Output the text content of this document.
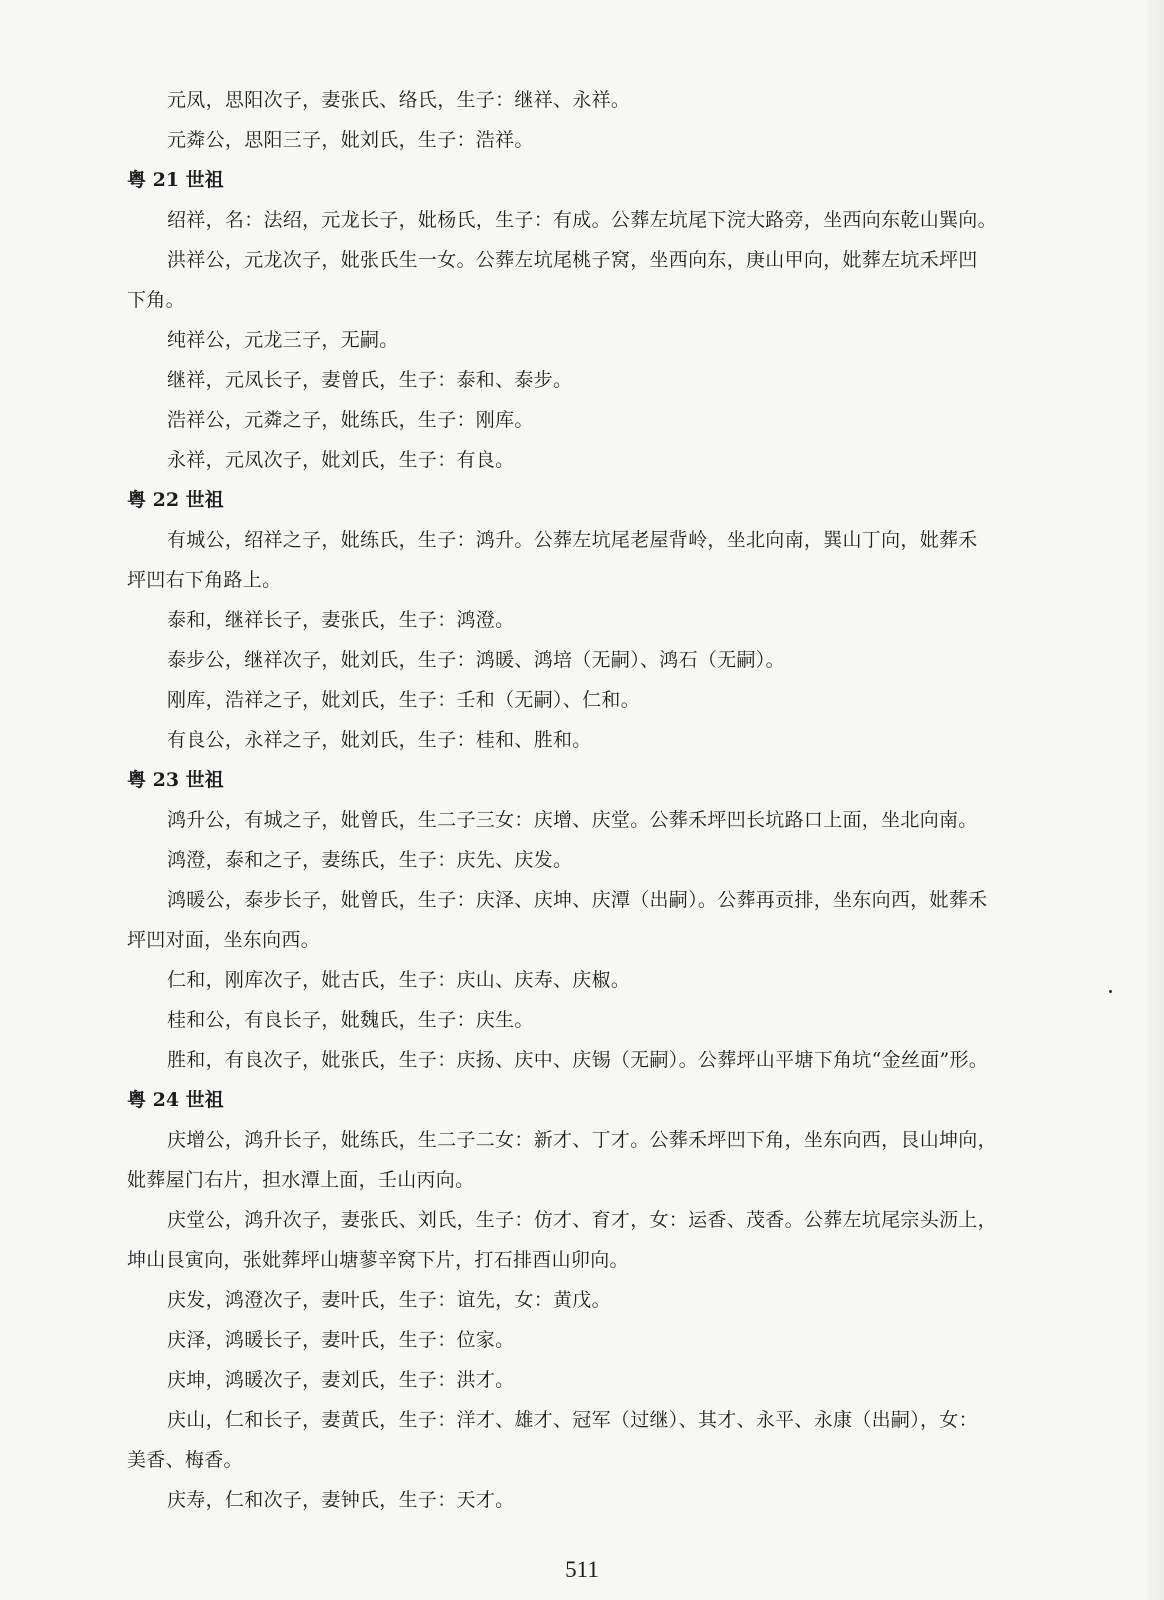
元凤，思阳次子，妻张氏、络氏，生子：继祥、永祥。
元粦公，思阳三子，妣刘氏，生子：浩祥。
粤 21 世祖
绍祥，名：法绍，元龙长子，妣杨氏，生子：有成。公葬左坑尾下浣大路旁，坐西向东乾山巽向。
洪祥公，元龙次子，妣张氏生一女。公葬左坑尾桃子窝，坐西向东，庚山甲向，妣葬左坑禾坪凹
下角。
纯祥公，元龙三子，无嗣。
继祥，元凤长子，妻曾氏，生子：泰和、泰步。
浩祥公，元粦之子，妣练氏，生子：刚库。
永祥，元凤次子，妣刘氏，生子：有良。
粤 22 世祖
有城公，绍祥之子，妣练氏，生子：鸿升。公葬左坑尾老屋背岭，坐北向南，巽山丁向，妣葬禾
坪凹右下角路上。
泰和，继祥长子，妻张氏，生子：鸿澄。
泰步公，继祥次子，妣刘氏，生子：鸿暖、鸿培（无嗣）、鸿石（无嗣）。
刚库，浩祥之子，妣刘氏，生子：壬和（无嗣）、仁和。
有良公，永祥之子，妣刘氏，生子：桂和、胜和。
粤 23 世祖
鸿升公，有城之子，妣曾氏，生二子三女：庆增、庆堂。公葬禾坪凹长坑路口上面，坐北向南。
鸿澄，泰和之子，妻练氏，生子：庆先、庆发。
鸿暖公，泰步长子，妣曾氏，生子：庆泽、庆坤、庆潭（出嗣）。公葬再贡排，坐东向西，妣葬禾
坪凹对面，坐东向西。
仁和，刚库次子，妣古氏，生子：庆山、庆寿、庆椒。
桂和公，有良长子，妣魏氏，生子：庆生。
胜和，有良次子，妣张氏，生子：庆扬、庆中、庆锡（无嗣）。公葬坪山平塘下角坑“金丝面”形。
粤 24 世祖
庆增公，鸿升长子，妣练氏，生二子二女：新才、丁才。公葬禾坪凹下角，坐东向西，艮山坤向，
妣葬屋门右片，担水潭上面，壬山丙向。
庆堂公，鸿升次子，妻张氏、刘氏，生子：仿才、育才，女：运香、茂香。公葬左坑尾宗头沥上，
坤山艮寅向，张妣葬坪山塘蓼辛窝下片，打石排酉山卯向。
庆发，鸿澄次子，妻叶氏，生子：谊先，女：黄戊。
庆泽，鸿暖长子，妻叶氏，生子：位家。
庆坤，鸿暖次子，妻刘氏，生子：洪才。
庆山，仁和长子，妻黄氏，生子：洋才、雄才、冠军（过继）、其才、永平、永康（出嗣），女：
美香、梅香。
庆寿，仁和次子，妻钟氏，生子：天才。
511
